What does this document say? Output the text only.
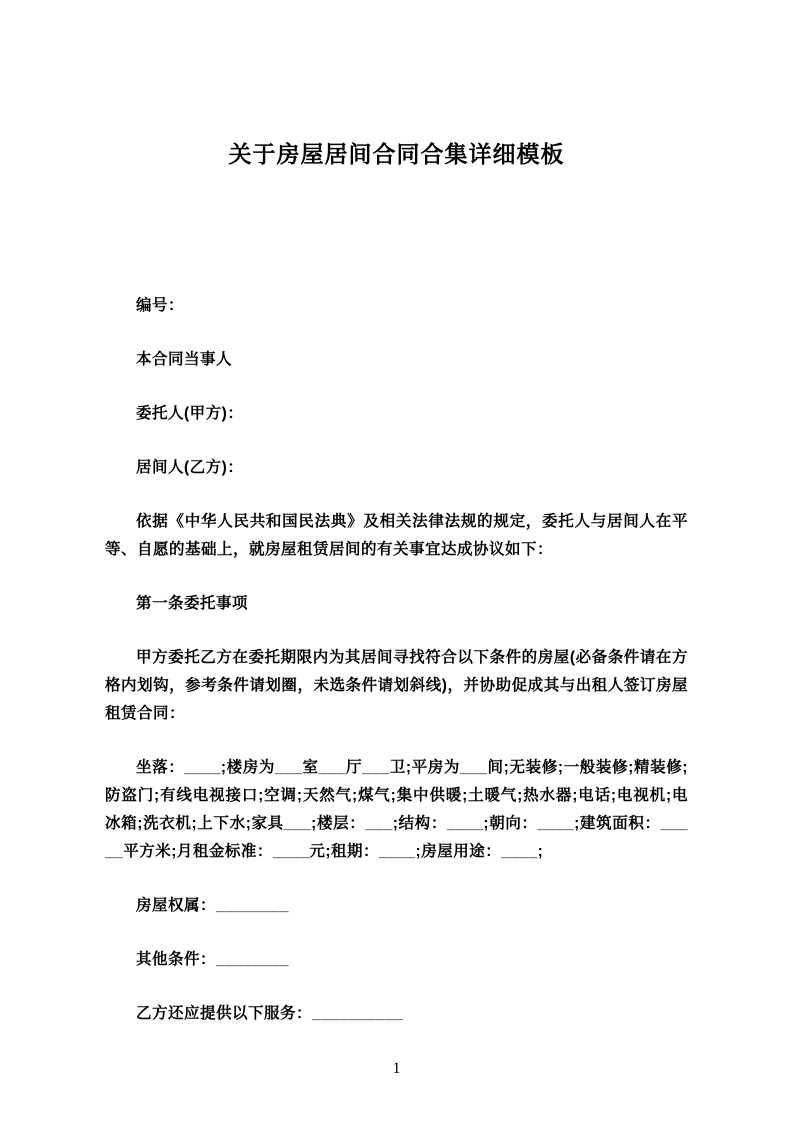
关于房屋居间合同合集详细模板

编号：

本合同当事人

委托人(甲方)：

居间人(乙方)：

依据《中华人民共和国民法典》及相关法律法规的规定，委托人与居间人在平等、自愿的基础上，就房屋租赁居间的有关事宜达成协议如下：

第一条委托事项

甲方委托乙方在委托期限内为其居间寻找符合以下条件的房屋(必备条件请在方格内划钩，参考条件请划圈，未选条件请划斜线)，并协助促成其与出租人签订房屋租赁合同：

坐落：____;楼房为___室___厅___卫;平房为___间;无装修;一般装修;精装修;防盗门;有线电视接口;空调;天然气;煤气;集中供暖;土暖气;热水器;电话;电视机;电冰箱;洗衣机;上下水;家具___;楼层：___;结构：____;朝向：____;建筑面积：_____平方米;月租金标准：____元;租期：____;房屋用途：____;

房屋权属：________

其他条件：________

乙方还应提供以下服务：__________

1
